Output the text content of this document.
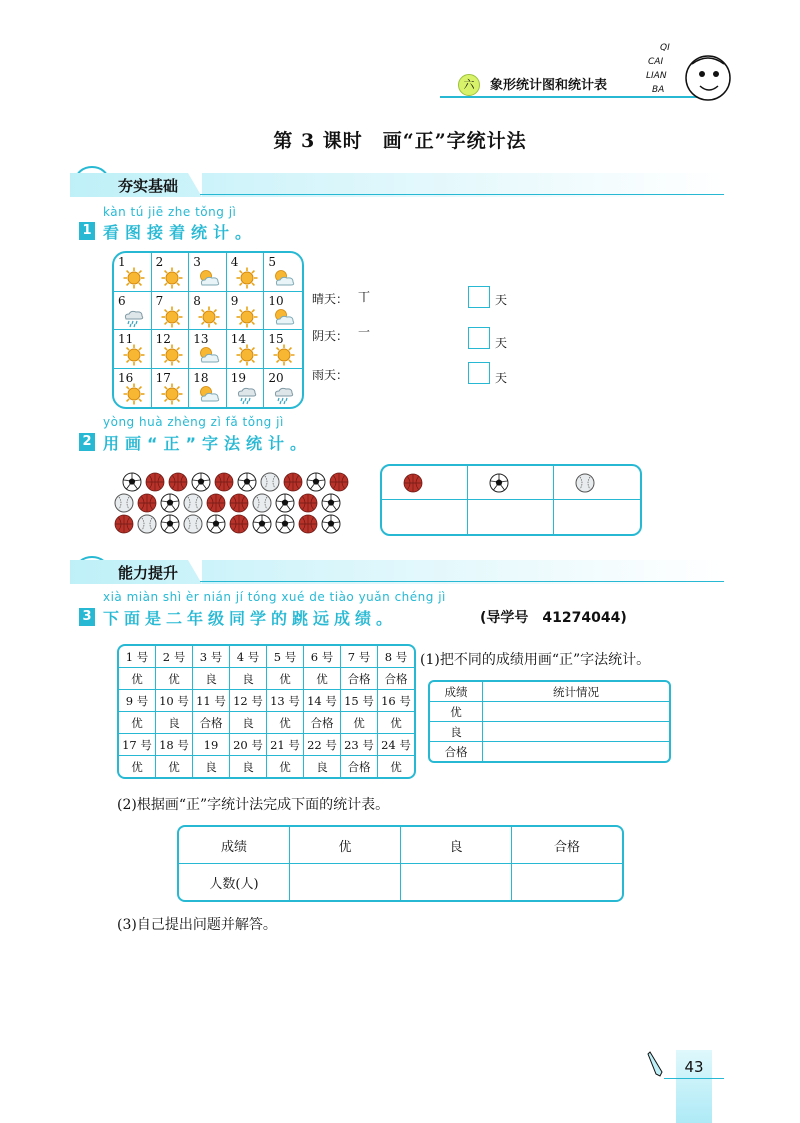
六	象形统计图和统计表
QI
CAI
LIAN
BA
第 3 课时　画“正”字统计法
夯实基础
kàn tú jiē zhe tǒng jì
1 看图接着统计。
1 2 3 4 5
6 7 8 9 10
11 12 13 14 15
16 17 18 19 20
晴天： 丅
阴天： 一
雨天：
天
天
天
yòng huà zhèng zì fǎ tǒng jì
2 用画“正”字法统计。
能力提升
xià miàn shì èr nián jí tóng xué de tiào yuǎn chéng jì
3 下面是二年级同学的跳远成绩。	(导学号　41274044)
1 号	2 号	3 号	4 号	5 号	6 号	7 号	8 号
优	优	良	良	优	优	合格	合格
9 号	10 号	11 号	12 号	13 号	14 号	15 号	16 号
优	良	合格	良	优	合格	优	优
17 号	18 号	19	20 号	21 号	22 号	23 号	24 号
优	优	良	良	优	良	合格	优
(1)把不同的成绩用画“正”字法统计。
成绩	统计情况
优	
良	
合格	
(2)根据画“正”字统计法完成下面的统计表。
成绩	优	良	合格
人数(人)			
(3)自己提出问题并解答。
43
